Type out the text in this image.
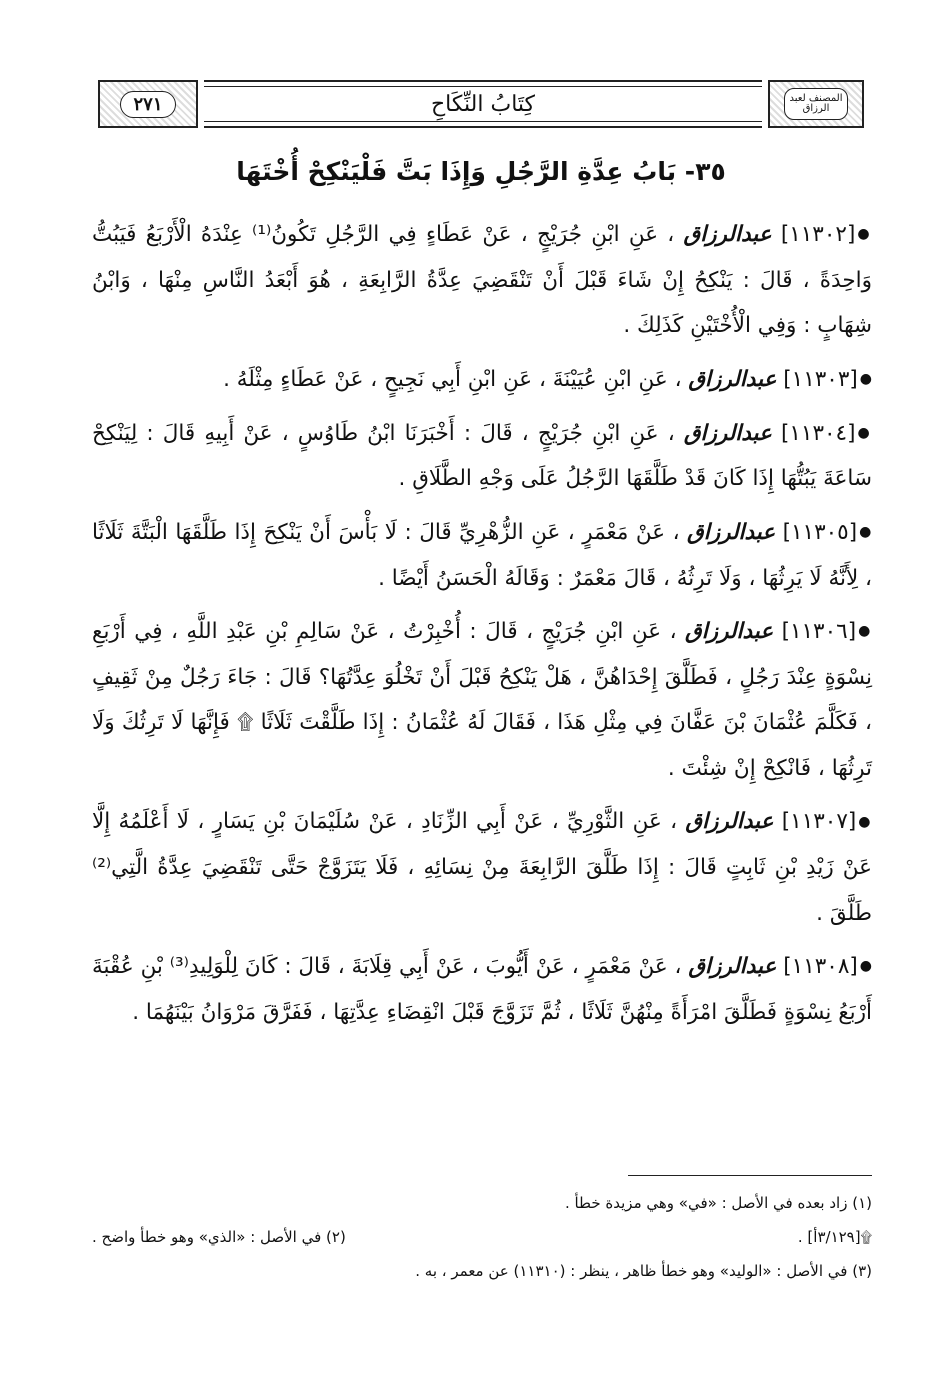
٢٧١	كِتَابُ النِّكَاحِ	المصنف لعبد الرزاق
٣٥- بَابُ عِدَّةِ الرَّجُلِ وَإِذَا بَتَّ فَلْيَنْكِحْ أُخْتَهَا

●[١١٣٠٢] عبدالرزاق ، عَنِ ابْنِ جُرَيْجٍ ، عَنْ عَطَاءٍ فِي الرَّجُلِ تَكُونُ⁽¹⁾ عِنْدَهُ الْأَرْبَعُ فَيَبُتُّ وَاحِدَةً ، قَالَ : يَنْكِحُ إِنْ شَاءَ قَبْلَ أَنْ تَنْقَضِيَ عِدَّةُ الرَّابِعَةِ ، هُوَ أَبْعَدُ النَّاسِ مِنْهَا ، وَابْنُ شِهَابٍ : وَفِي الْأُخْتَيْنِ كَذَلِكَ .

●[١١٣٠٣] عبدالرزاق ، عَنِ ابْنِ عُيَيْنَةَ ، عَنِ ابْنِ أَبِي نَجِيحٍ ، عَنْ عَطَاءٍ مِثْلَهُ .

●[١١٣٠٤] عبدالرزاق ، عَنِ ابْنِ جُرَيْجٍ ، قَالَ : أَخْبَرَنَا ابْنُ طَاوُسٍ ، عَنْ أَبِيهِ قَالَ : لِيَنْكِحْ سَاعَةَ يَبُتُّهَا إِذَا كَانَ قَدْ طَلَّقَهَا الرَّجُلُ عَلَى وَجْهِ الطَّلَاقِ .

●[١١٣٠٥] عبدالرزاق ، عَنْ مَعْمَرٍ ، عَنِ الزُّهْرِيِّ قَالَ : لَا بَأْسَ أَنْ يَنْكِحَ إِذَا طَلَّقَهَا الْبَتَّةَ ثَلَاثًا ، لِأَنَّهُ لَا يَرِثُهَا ، وَلَا تَرِثُهُ ، قَالَ مَعْمَرٌ : وَقَالَهُ الْحَسَنُ أَيْضًا .

●[١١٣٠٦] عبدالرزاق ، عَنِ ابْنِ جُرَيْجٍ ، قَالَ : أُخْبِرْتُ ، عَنْ سَالِمِ بْنِ عَبْدِ اللَّهِ ، فِي أَرْبَعِ نِسْوَةٍ عِنْدَ رَجُلٍ ، فَطَلَّقَ إِحْدَاهُنَّ ، هَلْ يَنْكِحُ قَبْلَ أَنْ تَخْلُوَ عِدَّتُهَا؟ قَالَ : جَاءَ رَجُلٌ مِنْ ثَقِيفٍ ، فَكَلَّمَ عُثْمَانَ بْنَ عَفَّانَ فِي مِثْلِ هَذَا ، فَقَالَ لَهُ عُثْمَانُ : إِذَا طَلَّقْتَ ثَلَاثًا ۩ فَإِنَّهَا لَا تَرِثُكَ وَلَا تَرِثُهَا ، فَانْكِحْ إِنْ شِئْتَ .

●[١١٣٠٧] عبدالرزاق ، عَنِ الثَّوْرِيِّ ، عَنْ أَبِي الزِّنَادِ ، عَنْ سُلَيْمَانَ بْنِ يَسَارٍ ، لَا أَعْلَمُهُ إِلَّا عَنْ زَيْدِ بْنِ ثَابِتٍ قَالَ : إِذَا طَلَّقَ الرَّابِعَةَ مِنْ نِسَائِهِ ، فَلَا يَتَزَوَّجْ حَتَّى تَنْقَضِيَ عِدَّةُ الَّتِي⁽²⁾ طَلَّقَ .

●[١١٣٠٨] عبدالرزاق ، عَنْ مَعْمَرٍ ، عَنْ أَيُّوبَ ، عَنْ أَبِي قِلَابَةَ ، قَالَ : كَانَ لِلْوَلِيدِ⁽³⁾ بْنِ عُقْبَةَ أَرْبَعُ نِسْوَةٍ فَطَلَّقَ امْرَأَةً مِنْهُنَّ ثَلَاثًا ، ثُمَّ تَزَوَّجَ قَبْلَ انْقِضَاءِ عِدَّتِهَا ، فَفَرَّقَ مَرْوَانُ بَيْنَهُمَا .

(١) زاد بعده في الأصل : «في» وهي مزيدة خطأ .
۩[٣/١٢٩أ] .
(٢) في الأصل : «الذي» وهو خطأ واضح .
(٣) في الأصل : «الوليد» وهو خطأ ظاهر ، ينظر : (١١٣١٠) عن معمر ، به .
